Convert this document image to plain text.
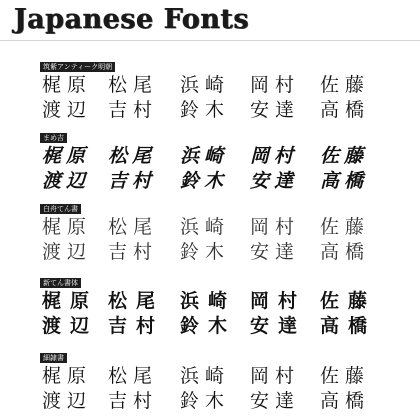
Japanese Fonts
筑紫アンティーク明朝
梶原 松尾 浜崎 岡村 佐藤
渡辺 吉村 鈴木 安達 高橋
まめ吉
梶原 松尾 浜崎 岡村 佐藤
渡辺 吉村 鈴木 安達 高橋
白舟てん書
梶原 松尾 浜崎 岡村 佐藤
渡辺 吉村 鈴木 安達 高橋
新てん書体
梶原 松尾 浜崎 岡村 佐藤
渡辺 吉村 鈴木 安達 高橋
細隷書
梶原 松尾 浜崎 岡村 佐藤
渡辺 吉村 鈴木 安達 高橋
